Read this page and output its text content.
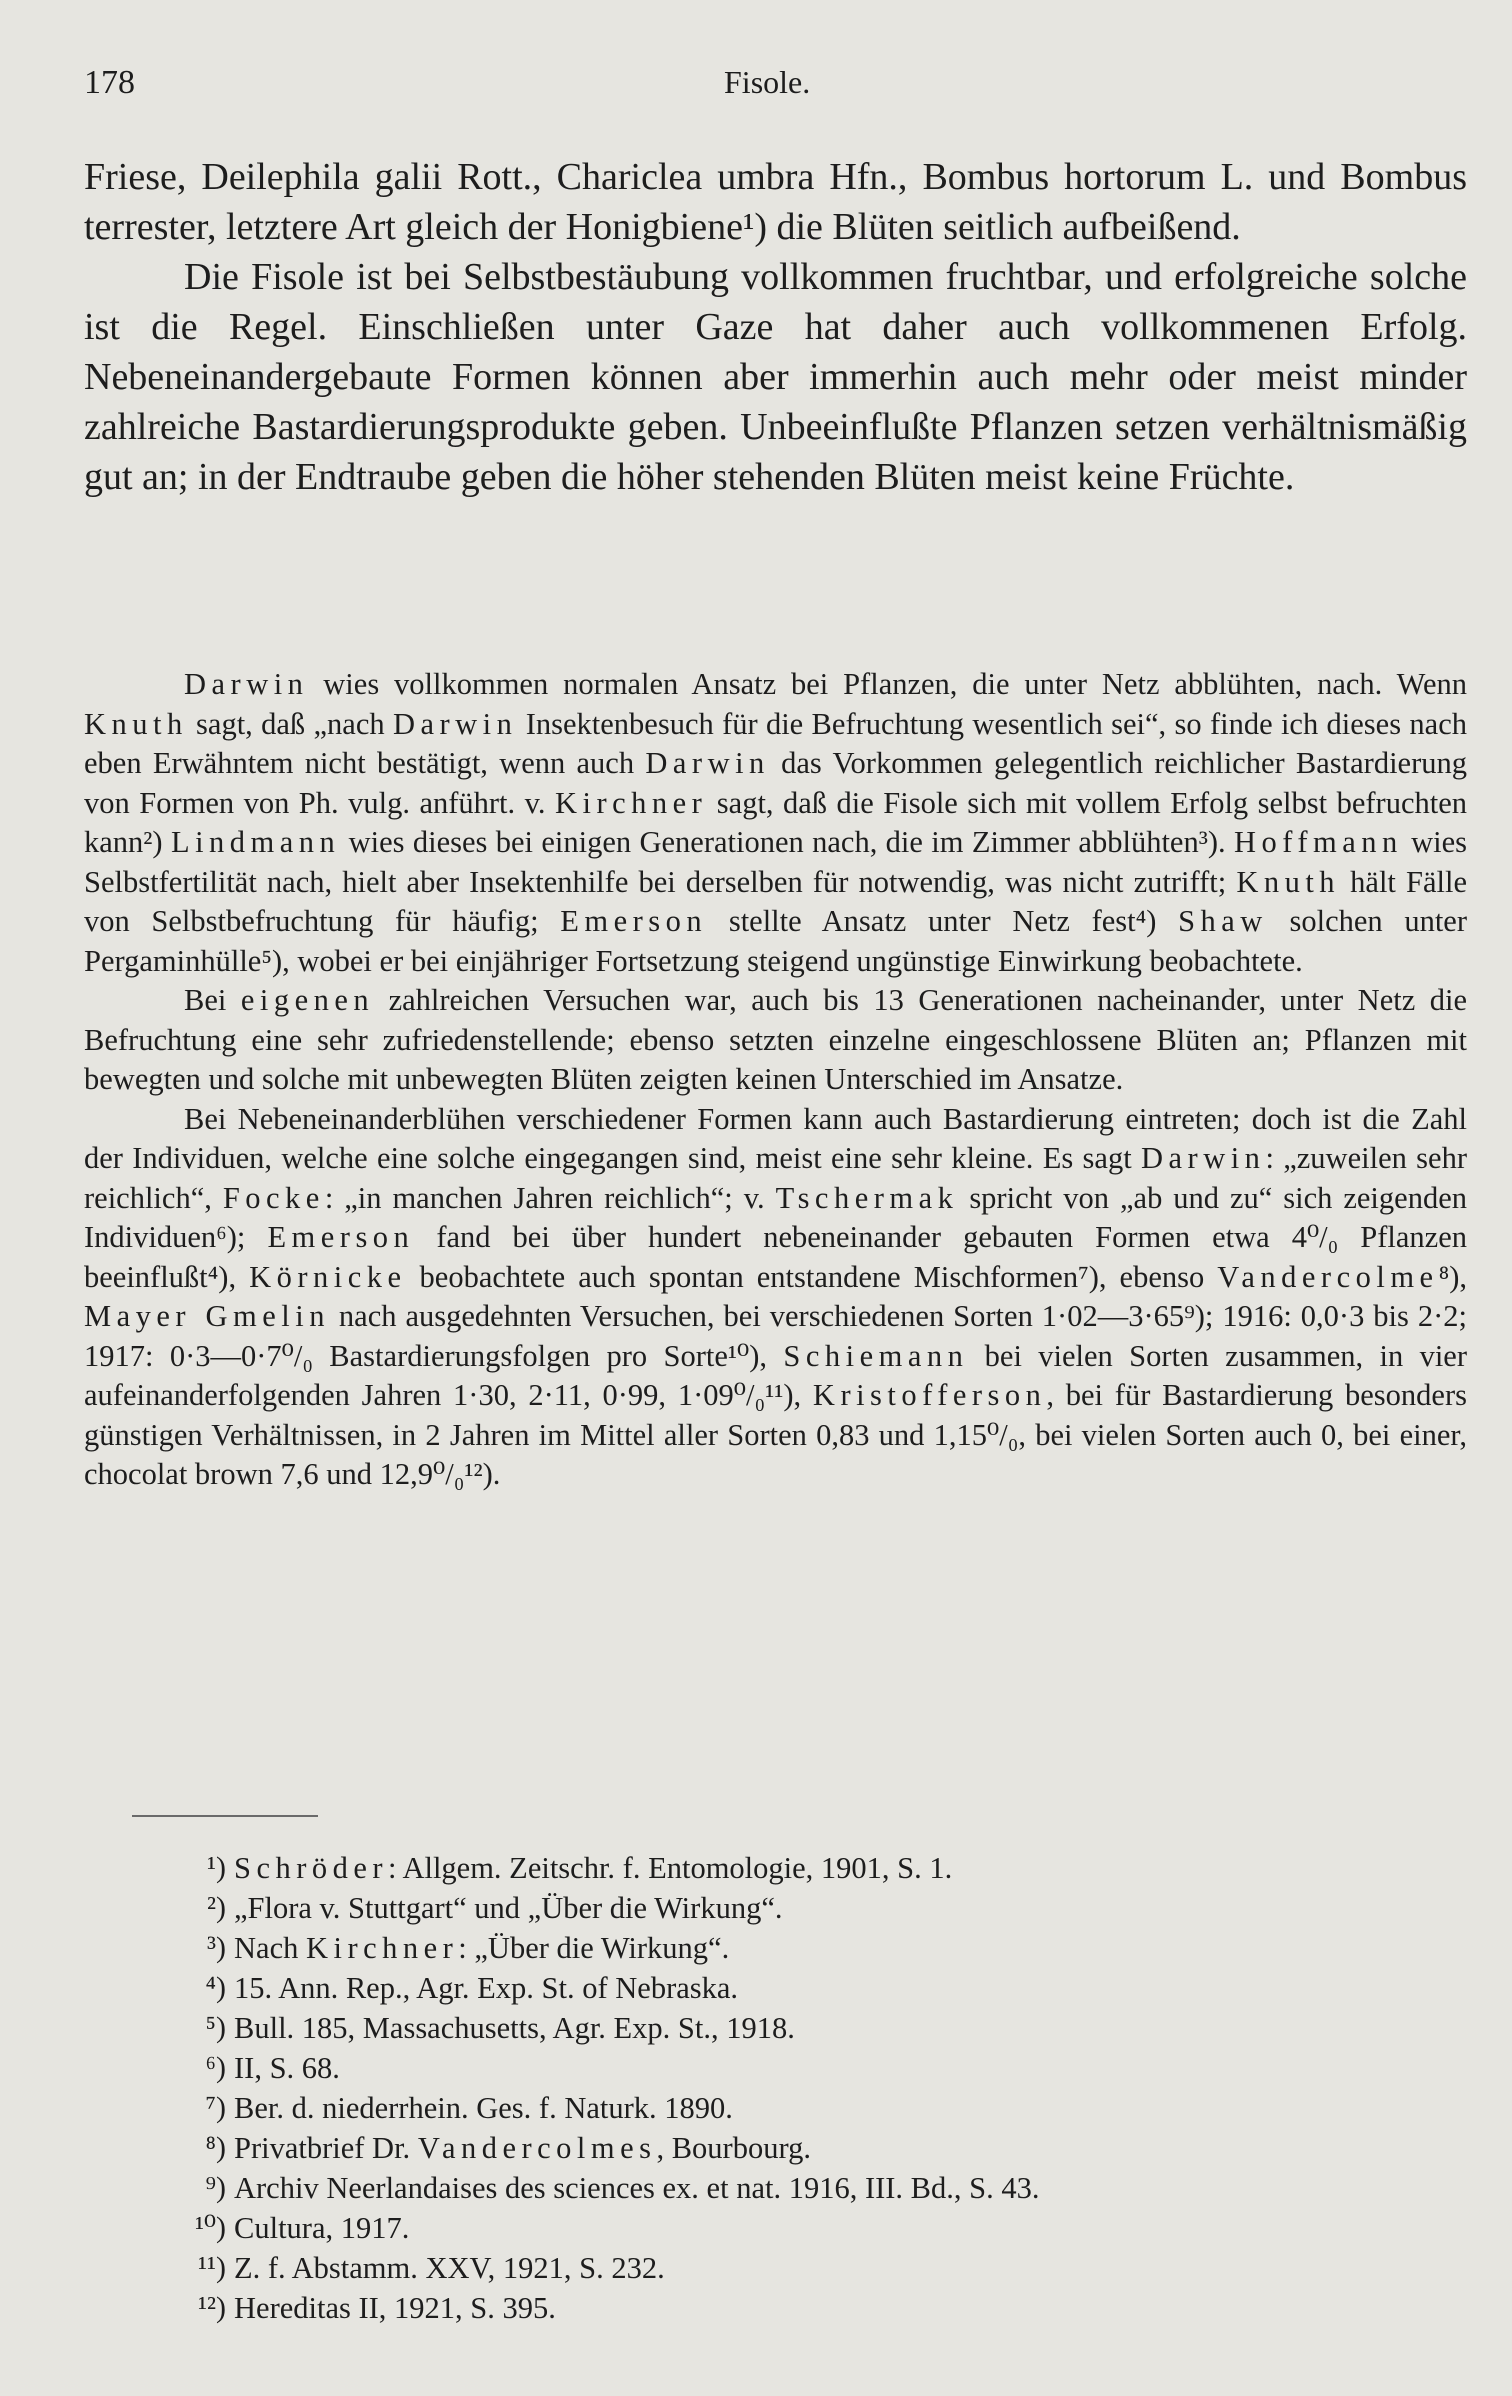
178	Fisole.

Friese, Deilephila galii Rott., Chariclea umbra Hfn., Bombus hortorum L. und Bombus terrester, letztere Art gleich der Honigbiene¹) die Blüten seitlich aufbeißend.

Die Fisole ist bei Selbstbestäubung vollkommen fruchtbar, und erfolgreiche solche ist die Regel. Einschließen unter Gaze hat daher auch vollkommenen Erfolg. Nebeneinandergebaute Formen können aber immerhin auch mehr oder meist minder zahlreiche Bastardierungsprodukte geben. Unbeeinflußte Pflanzen setzen verhältnismäßig gut an; in der Endtraube geben die höher stehenden Blüten meist keine Früchte.

Darwin wies vollkommen normalen Ansatz bei Pflanzen, die unter Netz abblühten, nach. Wenn Knuth sagt, daß „nach Darwin Insektenbesuch für die Befruchtung wesentlich sei“, so finde ich dieses nach eben Erwähntem nicht bestätigt, wenn auch Darwin das Vorkommen gelegentlich reichlicher Bastardierung von Formen von Ph. vulg. anführt. v. Kirchner sagt, daß die Fisole sich mit vollem Erfolg selbst befruchten kann²) Lindmann wies dieses bei einigen Generationen nach, die im Zimmer abblühten³). Hoffmann wies Selbstfertilität nach, hielt aber Insektenhilfe bei derselben für notwendig, was nicht zutrifft; Knuth hält Fälle von Selbstbefruchtung für häufig; Emerson stellte Ansatz unter Netz fest⁴) Shaw solchen unter Pergaminhülle⁵), wobei er bei einjähriger Fortsetzung steigend ungünstige Einwirkung beobachtete.

Bei eigenen zahlreichen Versuchen war, auch bis 13 Generationen nacheinander, unter Netz die Befruchtung eine sehr zufriedenstellende; ebenso setzten einzelne eingeschlossene Blüten an; Pflanzen mit bewegten und solche mit unbewegten Blüten zeigten keinen Unterschied im Ansatze.

Bei Nebeneinanderblühen verschiedener Formen kann auch Bastardierung eintreten; doch ist die Zahl der Individuen, welche eine solche eingegangen sind, meist eine sehr kleine. Es sagt Darwin: „zuweilen sehr reichlich“, Focke: „in manchen Jahren reichlich“; v. Tschermak spricht von „ab und zu“ sich zeigenden Individuen⁶); Emerson fand bei über hundert nebeneinander gebauten Formen etwa 4⁰/₀ Pflanzen beeinflußt⁴), Körnicke beobachtete auch spontan entstandene Mischformen⁷), ebenso Vandercolme⁸), Mayer Gmelin nach ausgedehnten Versuchen, bei verschiedenen Sorten 1·02—3·65⁹); 1916: 0,0·3 bis 2·2; 1917: 0·3—0·7⁰/₀ Bastardierungsfolgen pro Sorte¹⁰), Schiemann bei vielen Sorten zusammen, in vier aufeinanderfolgenden Jahren 1·30, 2·11, 0·99, 1·09⁰/₀¹¹), Kristofferson, bei für Bastardierung besonders günstigen Verhältnissen, in 2 Jahren im Mittel aller Sorten 0,83 und 1,15⁰/₀, bei vielen Sorten auch 0, bei einer, chocolat brown 7,6 und 12,9⁰/₀¹²).

¹) Schröder: Allgem. Zeitschr. f. Entomologie, 1901, S. 1.
²) „Flora v. Stuttgart“ und „Über die Wirkung“.
³) Nach Kirchner: „Über die Wirkung“.
⁴) 15. Ann. Rep., Agr. Exp. St. of Nebraska.
⁵) Bull. 185, Massachusetts, Agr. Exp. St., 1918.
⁶) II, S. 68.
⁷) Ber. d. niederrhein. Ges. f. Naturk. 1890.
⁸) Privatbrief Dr. Vandercolmes, Bourbourg.
⁹) Archiv Neerlandaises des sciences ex. et nat. 1916, III. Bd., S. 43.
¹⁰) Cultura, 1917.
¹¹) Z. f. Abstamm. XXV, 1921, S. 232.
¹²) Hereditas II, 1921, S. 395.
